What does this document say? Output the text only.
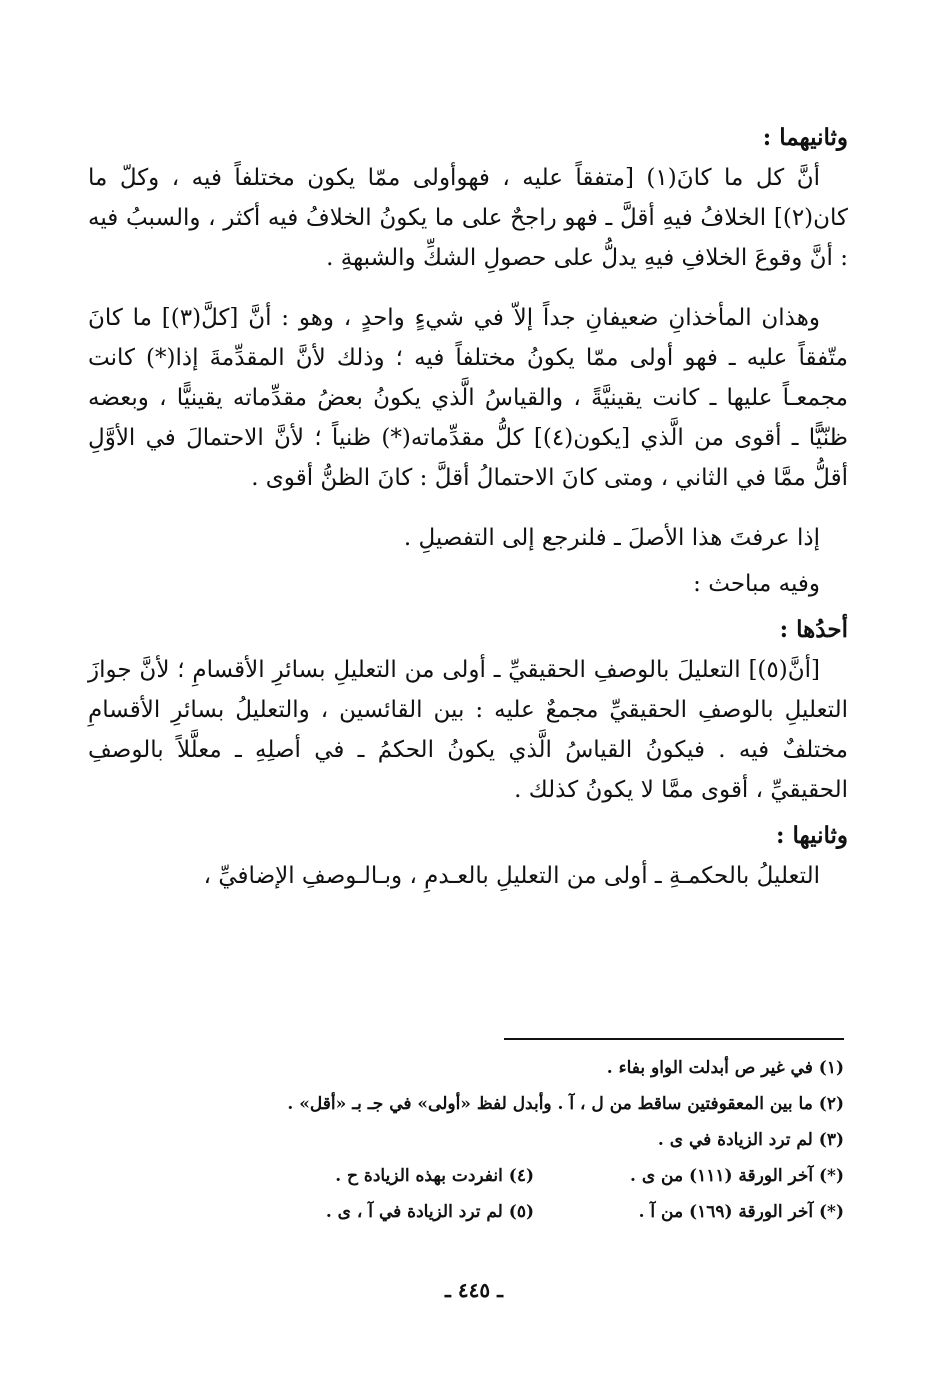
وثانيهما :

أنَّ كل ما كانَ(١) [متفقاً عليه ، فهوأولى ممّا يكون مختلفاً فيه ، وكلّ ما كان(٢)] الخلافُ فيهِ أقلَّ ـ فهو راجحٌ على ما يكونُ الخلافُ فيه أكثر ، والسببُ فيه : أنَّ وقوعَ الخلافِ فيهِ يدلُّ على حصولِ الشكِّ والشبهةِ .

وهذان المأخذانِ ضعيفانِ جداً إلاّ في شيءٍ واحدٍ ، وهو : أنَّ [كلَّ(٣)] ما كانَ متّفقاً عليه ـ فهو أولى ممّا يكونُ مختلفاً فيه ؛ وذلك لأنَّ المقدِّمةَ إذا(*) كانت مجمعـاً عليها ـ كانت يقينيَّةً ، والقياسُ الَّذي يكونُ بعضُ مقدِّماته يقينيًّا ، وبعضه ظنّيًّا ـ أقوى من الَّذي [يكون(٤)] كلُّ مقدِّماته(*) ظنياً ؛ لأنَّ الاحتمالَ في الأوَّلِ أقلُّ ممَّا في الثاني ، ومتى كانَ الاحتمالُ أقلَّ : كانَ الظنُّ أقوى .

إذا عرفتَ هذا الأصلَ ـ فلنرجع إلى التفصيلِ .

وفيه مباحث :

أحدُها :

[أنَّ(٥)] التعليلَ بالوصفِ الحقيقيِّ ـ أولى من التعليلِ بسائرِ الأقسامِ ؛ لأنَّ جوازَ التعليلِ بالوصفِ الحقيقيِّ مجمعٌ عليه : بين القائسين ، والتعليلُ بسائرِ الأقسامِ مختلفٌ فيه . فيكونُ القياسُ الَّذي يكونُ الحكمُ ـ في أصلِهِ ـ معلَّلاً بالوصفِ الحقيقيِّ ، أقوى ممَّا لا يكونُ كذلك .

وثانيها :

التعليلُ بالحكمـةِ ـ أولى من التعليلِ بالعـدمِ ، وبـالـوصفِ الإضافيِّ ،

(١) في غير ص أبدلت الواو بفاء .
(٢) ما بين المعقوفتين ساقط من ل ، آ . وأبدل لفظ «أولى» في جـ بـ «أقل» .
(٣) لم ترد الزيادة في ى .
(*) آخر الورقة (١١١) من ى .
(٤) انفردت بهذه الزيادة ح .
(*) آخر الورقة (١٦٩) من آ .
(٥) لم ترد الزيادة في آ ، ى .
ـ ٤٤٥ ـ
